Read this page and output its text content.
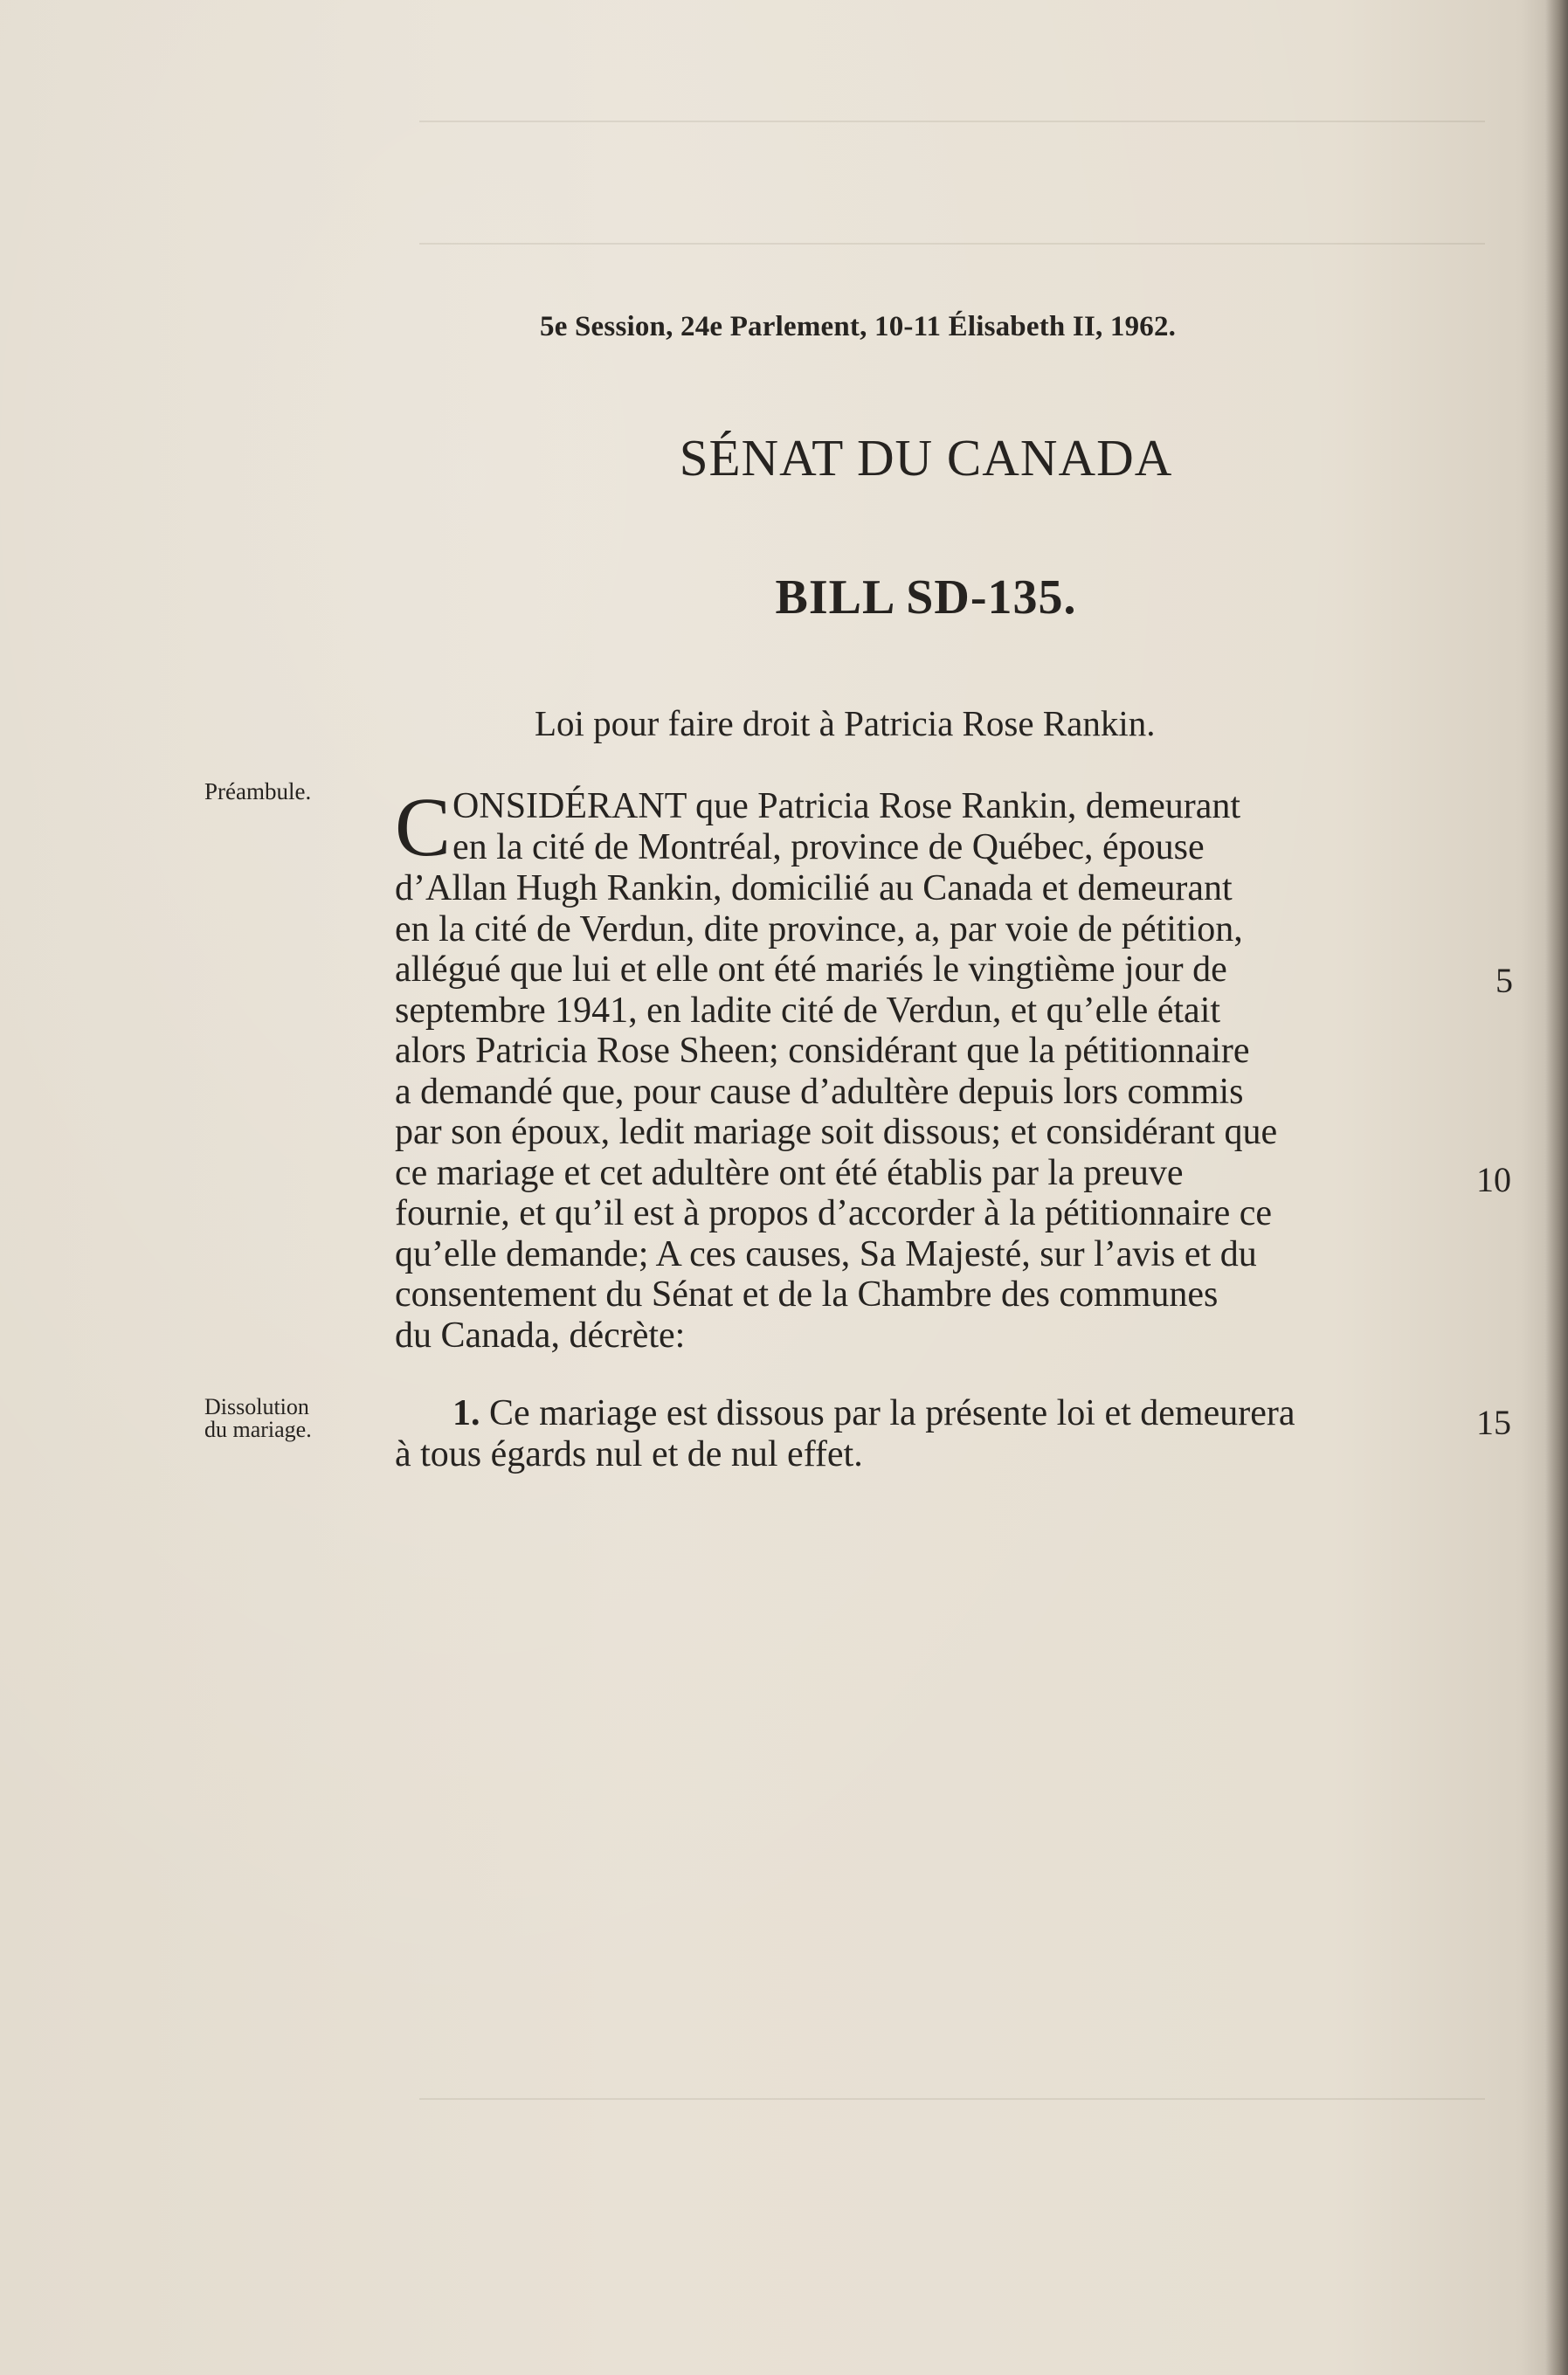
5e Session, 24e Parlement, 10-11 Élisabeth II, 1962.
SÉNAT DU CANADA
BILL SD-135.
Loi pour faire droit à Patricia Rose Rankin.
Préambule.
Dissolution
du mariage.
C ONSIDÉRANT que Patricia Rose Rankin, demeurant
en la cité de Montréal, province de Québec, épouse
d’Allan Hugh Rankin, domicilié au Canada et demeurant
en la cité de Verdun, dite province, a, par voie de pétition,
allégué que lui et elle ont été mariés le vingtième jour de
septembre 1941, en ladite cité de Verdun, et qu’elle était
alors Patricia Rose Sheen; considérant que la pétitionnaire
a demandé que, pour cause d’adultère depuis lors commis
par son époux, ledit mariage soit dissous; et considérant que
ce mariage et cet adultère ont été établis par la preuve
fournie, et qu’il est à propos d’accorder à la pétitionnaire ce
qu’elle demande; A ces causes, Sa Majesté, sur l’avis et du
consentement du Sénat et de la Chambre des communes
du Canada, décrète:
1. Ce mariage est dissous par la présente loi et demeurera
à tous égards nul et de nul effet.
5
10
15
